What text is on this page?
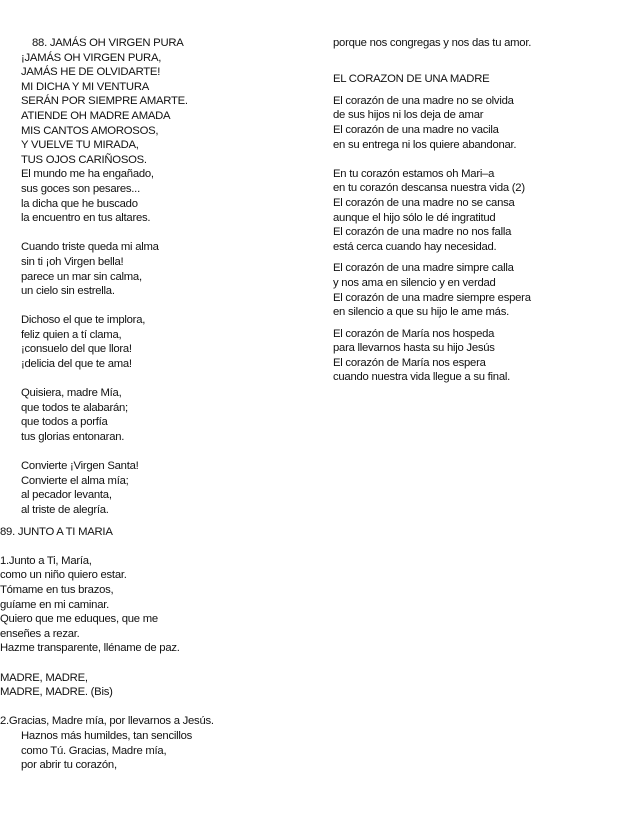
88. JAMÁS OH VIRGEN PURA
¡JAMÁS OH VIRGEN PURA,
JAMÁS HE DE OLVIDARTE!
MI DICHA Y MI VENTURA
SERÁN POR SIEMPRE AMARTE.
ATIENDE OH MADRE AMADA
MIS CANTOS AMOROSOS,
Y VUELVE TU MIRADA,
TUS OJOS CARIÑOSOS.
El mundo me ha engañado,
sus goces son pesares...
la dicha que he buscado
la encuentro en tus altares.
Cuando triste queda mi alma
sin ti ¡oh Virgen bella!
parece un mar sin calma,
un cielo sin estrella.
Dichoso el que te implora,
feliz quien a tí clama,
¡consuelo del que llora!
¡delicia del que te ama!
Quisiera, madre Mía,
que todos te alabarán;
que todos a porfía
tus glorias entonaran.
Convierte ¡Virgen Santa!
Convierte el alma mía;
al pecador levanta,
al triste de alegría.
89. JUNTO A TI MARIA
1.Junto a Ti, María,
como un niño quiero estar.
Tómame en tus brazos,
guíame en mi caminar.
Quiero que me eduques, que me
enseñes a rezar.
Hazme transparente, lléname de paz.
MADRE, MADRE,
MADRE, MADRE. (Bis)
2.Gracias, Madre mía, por llevarnos a Jesús.
Haznos más humildes, tan sencillos
como Tú. Gracias, Madre mía,
por abrir tu corazón,
porque nos congregas y nos das tu amor.
EL CORAZON DE UNA MADRE
El corazón de una madre no se olvida
de sus hijos ni los deja de amar
El corazón de una madre no vacila
en su entrega ni los quiere abandonar.
En tu corazón estamos oh Mari–a
en tu corazón descansa nuestra vida (2)
El corazón de una madre no se cansa
aunque el hijo sólo le dé ingratitud
El corazón de una madre no nos falla
está cerca cuando hay necesidad.
El corazón de una madre simpre calla
y nos ama en silencio y en verdad
El corazón de una madre siempre espera
en silencio a que su hijo le ame más.
El corazón de María nos hospeda
para llevarnos hasta su hijo Jesús
El corazón de María nos espera
cuando nuestra vida llegue a su final.
